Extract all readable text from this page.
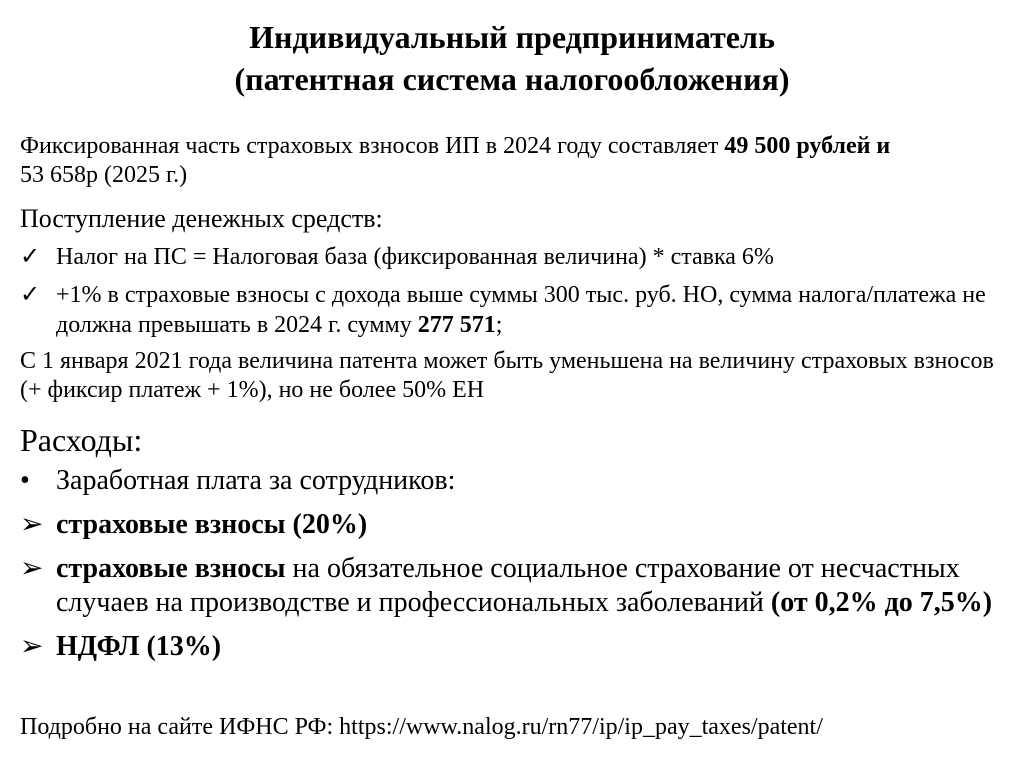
Индивидуальный предприниматель
(патентная система налогообложения)
Фиксированная часть страховых взносов ИП в 2024 году составляет 49 500 рублей и
53 658р (2025 г.)
Поступление денежных средств:
✓ Налог на ПС = Налоговая база (фиксированная величина) * ставка 6%
✓ +1% в страховые взносы с дохода выше суммы 300 тыс. руб. НО, сумма налога/платежа не должна превышать в 2024 г. сумму 277 571;
С 1 января 2021 года величина патента может быть уменьшена на величину страховых взносов (+ фиксир платеж + 1%), но не более 50% ЕН
Расходы:
• Заработная плата за сотрудников:
➢ страховые взносы (20%)
➢ страховые взносы на обязательное социальное страхование от несчастных случаев на производстве и профессиональных заболеваний (от 0,2% до 7,5%)
➢ НДФЛ (13%)
Подробно на сайте ИФНС РФ: https://www.nalog.ru/rn77/ip/ip_pay_taxes/patent/
